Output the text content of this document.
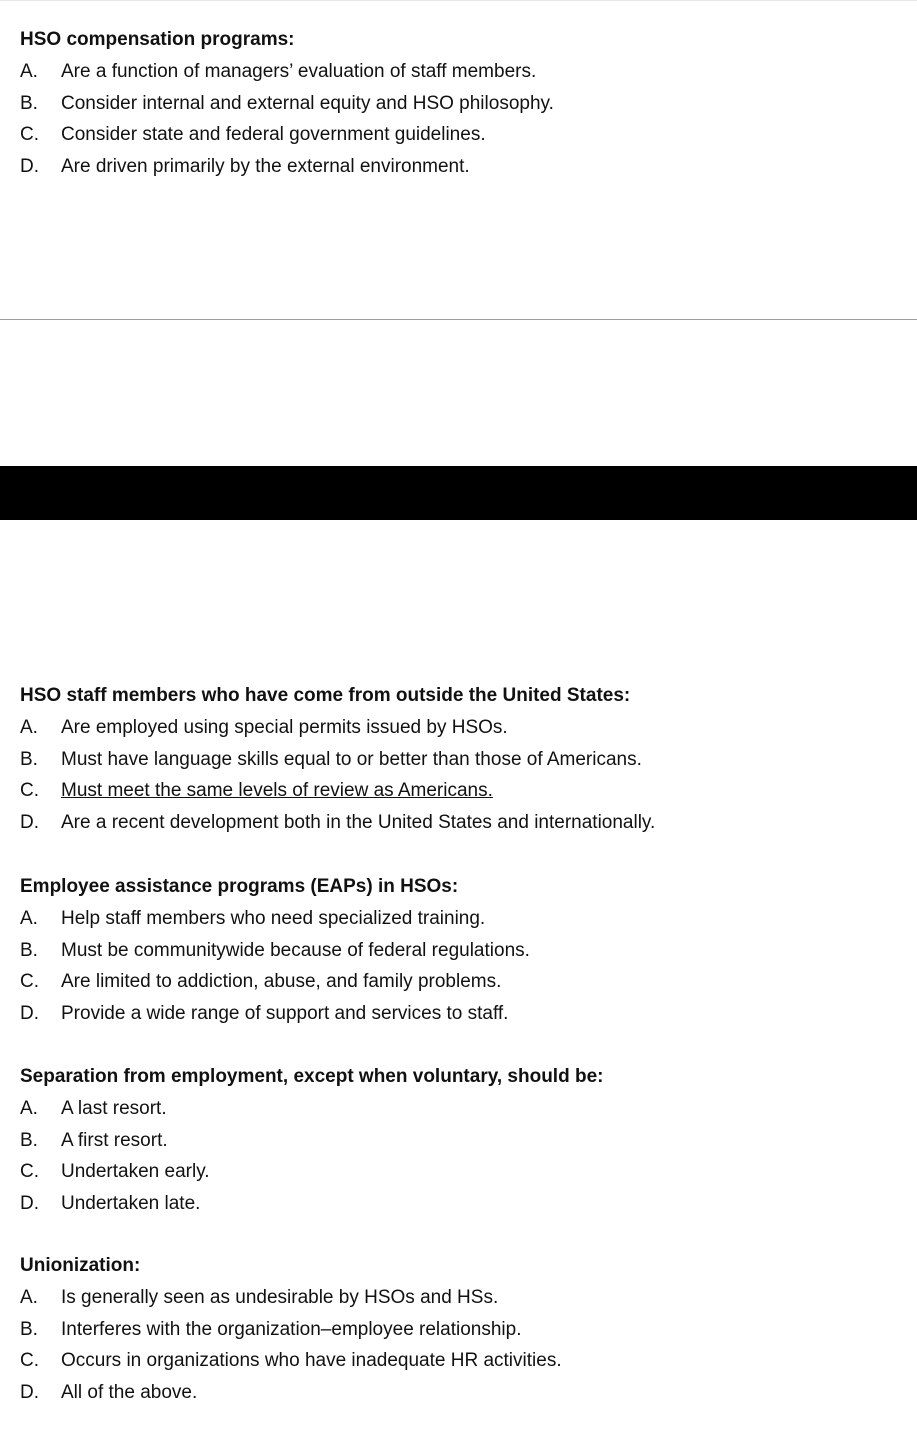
HSO compensation programs:
A. Are a function of managers’ evaluation of staff members.
B. Consider internal and external equity and HSO philosophy.
C. Consider state and federal government guidelines.
D. Are driven primarily by the external environment.
HSO staff members who have come from outside the United States:
A. Are employed using special permits issued by HSOs.
B. Must have language skills equal to or better than those of Americans.
C. Must meet the same levels of review as Americans.
D. Are a recent development both in the United States and internationally.
Employee assistance programs (EAPs) in HSOs:
A. Help staff members who need specialized training.
B. Must be communitywide because of federal regulations.
C. Are limited to addiction, abuse, and family problems.
D. Provide a wide range of support and services to staff.
Separation from employment, except when voluntary, should be:
A. A last resort.
B. A first resort.
C. Undertaken early.
D. Undertaken late.
Unionization:
A. Is generally seen as undesirable by HSOs and HSs.
B. Interferes with the organization–employee relationship.
C. Occurs in organizations who have inadequate HR activities.
D. All of the above.
